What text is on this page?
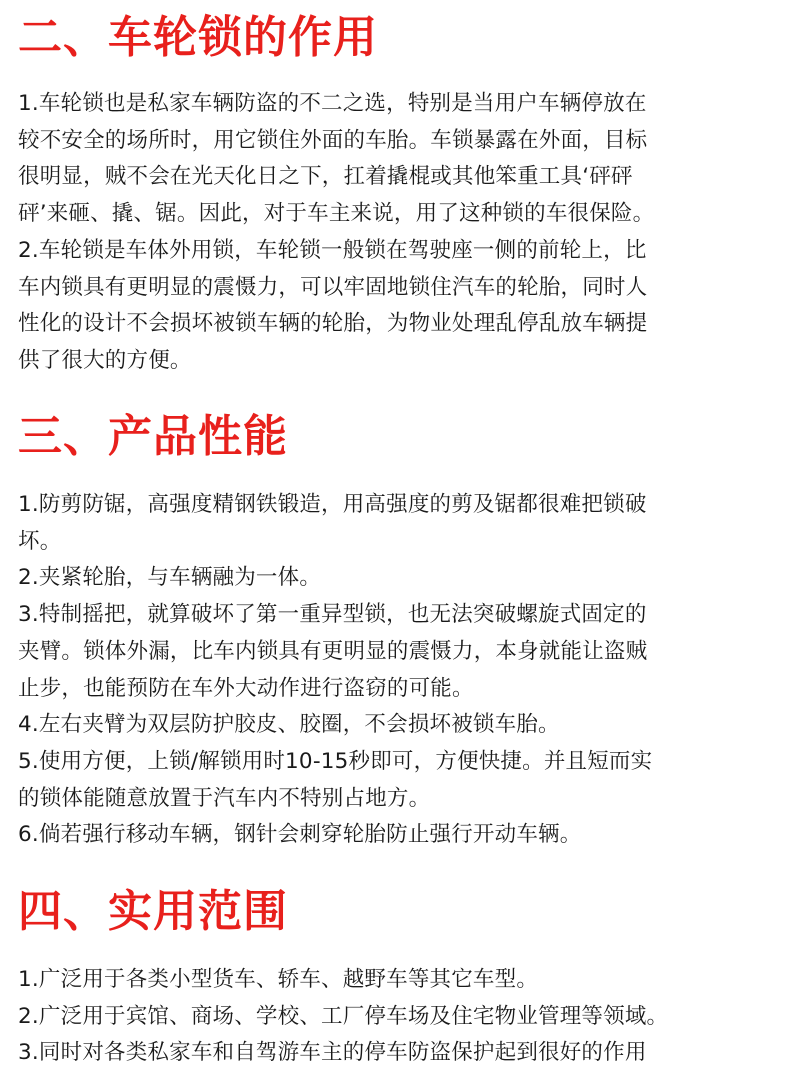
二、车轮锁的作用

1.车轮锁也是私家车辆防盗的不二之选，特别是当用户车辆停放在

较不安全的场所时，用它锁住外面的车胎。车锁暴露在外面，目标

很明显，贼不会在光天化日之下，扛着撬棍或其他笨重工具‘砰砰

砰’来砸、撬、锯。因此，对于车主来说，用了这种锁的车很保险。

2.车轮锁是车体外用锁，车轮锁一般锁在驾驶座一侧的前轮上，比

车内锁具有更明显的震慑力，可以牢固地锁住汽车的轮胎，同时人

性化的设计不会损坏被锁车辆的轮胎，为物业处理乱停乱放车辆提

供了很大的方便。

三、产品性能

1.防剪防锯，高强度精钢铁锻造，用高强度的剪及锯都很难把锁破

坏。

2.夹紧轮胎，与车辆融为一体。

3.特制摇把，就算破坏了第一重异型锁，也无法突破螺旋式固定的

夹臂。锁体外漏，比车内锁具有更明显的震慑力，本身就能让盗贼

止步，也能预防在车外大动作进行盗窃的可能。

4.左右夹臂为双层防护胶皮、胶圈，不会损坏被锁车胎。

5.使用方便，上锁/解锁用时10-15秒即可，方便快捷。并且短而实

的锁体能随意放置于汽车内不特别占地方。

6.倘若强行移动车辆，钢针会刺穿轮胎防止强行开动车辆。

四、实用范围

1.广泛用于各类小型货车、轿车、越野车等其它车型。

2.广泛用于宾馆、商场、学校、工厂停车场及住宅物业管理等领域。

3.同时对各类私家车和自驾游车主的停车防盗保护起到很好的作用
